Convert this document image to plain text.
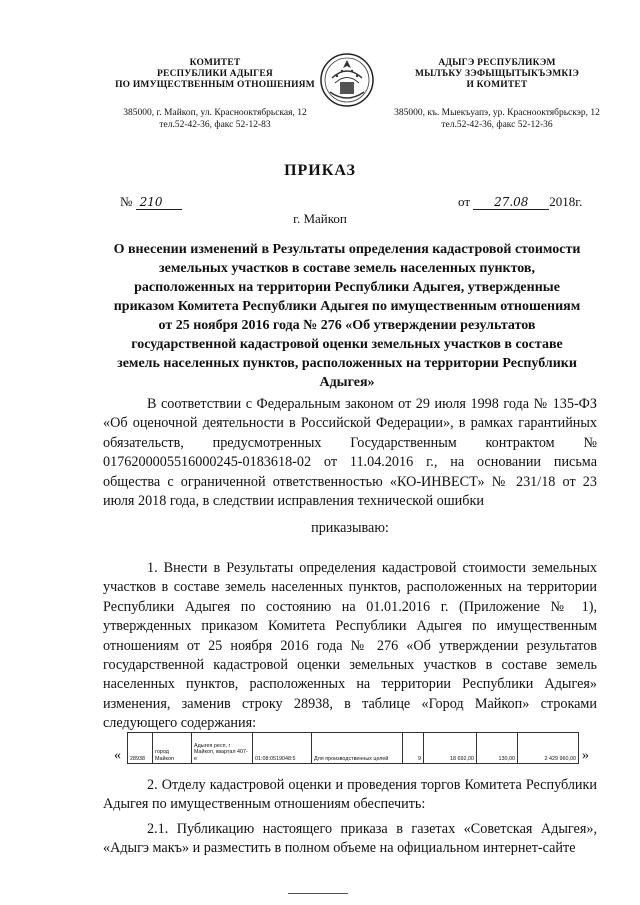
КОМИТЕТ
РЕСПУБЛИКИ АДЫГЕЯ
ПО ИМУЩЕСТВЕННЫМ ОТНОШЕНИЯМ
385000, г. Майкоп, ул. Краснооктябрьская, 12
тел.52-42-36, факс 52-12-83
АДЫГЭ РЕСПУБЛИКЭМ
МЫЛЪКУ ЗЭФЫЩЫТЫКЪЭМКIЭ
И КОМИТЕТ
385000, къ. Мыекъуапэ, ур. Краснооктябрьскэр, 12
тел.52-42-36, факс 52-12-36
ПРИКАЗ
№ 210	от 27.08 2018г.
г. Майкоп
О внесении изменений в Результаты определения кадастровой стоимости земельных участков в составе земель населенных пунктов, расположенных на территории Республики Адыгея, утвержденные приказом Комитета Республики Адыгея по имущественным отношениям от 25 ноября 2016 года № 276 «Об утверждении результатов государственной кадастровой оценки земельных участков в составе земель населенных пунктов, расположенных на территории Республики Адыгея»
В соответствии с Федеральным законом от 29 июля 1998 года № 135-ФЗ «Об оценочной деятельности в Российской Федерации», в рамках гарантийных обязательств, предусмотренных Государственным контрактом № 0176200005516000245-0183618-02 от 11.04.2016 г., на основании письма общества с ограниченной ответственностью «КО-ИНВЕСТ» № 231/18 от 23 июля 2018 года, в следствии исправления технической ошибки
приказываю:
1. Внести в Результаты определения кадастровой стоимости земельных участков в составе земель населенных пунктов, расположенных на территории Республики Адыгея по состоянию на 01.01.2016 г. (Приложение № 1), утвержденных приказом Комитета Республики Адыгея по имущественным отношениям от 25 ноября 2016 года № 276 «Об утверждении результатов государственной кадастровой оценки земельных участков в составе земель населенных пунктов, расположенных на территории Республики Адыгея» изменения, заменив строку 28938, в таблице «Город Майкоп» строками следующего содержания:
« 28938	город Майкоп	Адыгея респ, г Майкоп, квартал 407-е	01:08:0519048:5	Для производственных целей	9	18 692,00	130,00	2 429 960,00 »
2. Отделу кадастровой оценки и проведения торгов Комитета Республики Адыгея по имущественным отношениям обеспечить:
2.1. Публикацию настоящего приказа в газетах «Советская Адыгея», «Адыгэ макъ» и разместить в полном объеме на официальном интернет-сайте
